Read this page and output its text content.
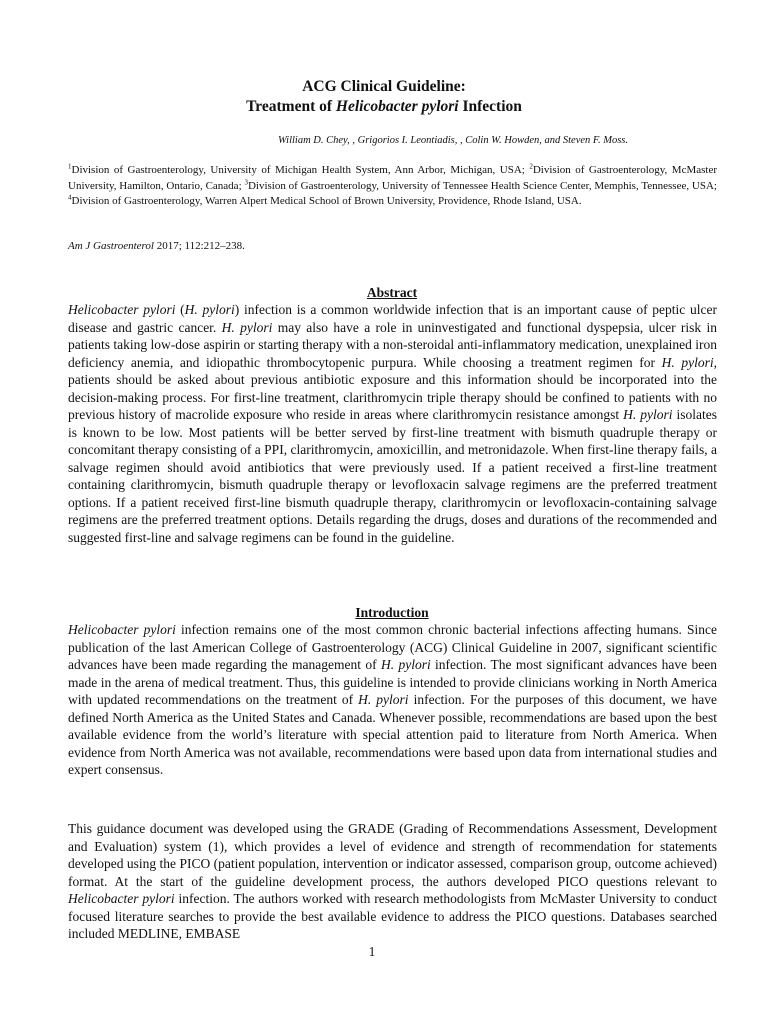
ACG Clinical Guideline:
Treatment of Helicobacter pylori Infection
William D. Chey, , Grigorios I. Leontiadis, , Colin W. Howden, and Steven F. Moss.
$^1$Division of Gastroenterology, University of Michigan Health System, Ann Arbor, Michigan, USA; $^2$Division of Gastroenterology, McMaster University, Hamilton, Ontario, Canada; $^3$Division of Gastroenterology, University of Tennessee Health Science Center, Memphis, Tennessee, USA; $^4$Division of Gastroenterology, Warren Alpert Medical School of Brown University, Providence, Rhode Island, USA.
Am J Gastroenterol 2017; 112:212–238.
Abstract
Helicobacter pylori (H. pylori) infection is a common worldwide infection that is an important cause of peptic ulcer disease and gastric cancer. H. pylori may also have a role in uninvestigated and functional dyspepsia, ulcer risk in patients taking low-dose aspirin or starting therapy with a non-steroidal anti-inflammatory medication, unexplained iron deficiency anemia, and idiopathic thrombocytopenic purpura. While choosing a treatment regimen for H. pylori, patients should be asked about previous antibiotic exposure and this information should be incorporated into the decision-making process. For first-line treatment, clarithromycin triple therapy should be confined to patients with no previous history of macrolide exposure who reside in areas where clarithromycin resistance amongst H. pylori isolates is known to be low. Most patients will be better served by first-line treatment with bismuth quadruple therapy or concomitant therapy consisting of a PPI, clarithromycin, amoxicillin, and metronidazole. When first-line therapy fails, a salvage regimen should avoid antibiotics that were previously used. If a patient received a first-line treatment containing clarithromycin, bismuth quadruple therapy or levofloxacin salvage regimens are the preferred treatment options. If a patient received first-line bismuth quadruple therapy, clarithromycin or levofloxacin-containing salvage regimens are the preferred treatment options. Details regarding the drugs, doses and durations of the recommended and suggested first-line and salvage regimens can be found in the guideline.
Introduction
Helicobacter pylori infection remains one of the most common chronic bacterial infections affecting humans. Since publication of the last American College of Gastroenterology (ACG) Clinical Guideline in 2007, significant scientific advances have been made regarding the management of H. pylori infection. The most significant advances have been made in the arena of medical treatment. Thus, this guideline is intended to provide clinicians working in North America with updated recommendations on the treatment of H. pylori infection. For the purposes of this document, we have defined North America as the United States and Canada. Whenever possible, recommendations are based upon the best available evidence from the world’s literature with special attention paid to literature from North America. When evidence from North America was not available, recommendations were based upon data from international studies and expert consensus.
This guidance document was developed using the GRADE (Grading of Recommendations Assessment, Development and Evaluation) system (1), which provides a level of evidence and strength of recommendation for statements developed using the PICO (patient population, intervention or indicator assessed, comparison group, outcome achieved) format. At the start of the guideline development process, the authors developed PICO questions relevant to Helicobacter pylori infection. The authors worked with research methodologists from McMaster University to conduct focused literature searches to provide the best available evidence to address the PICO questions. Databases searched included MEDLINE, EMBASE
1
